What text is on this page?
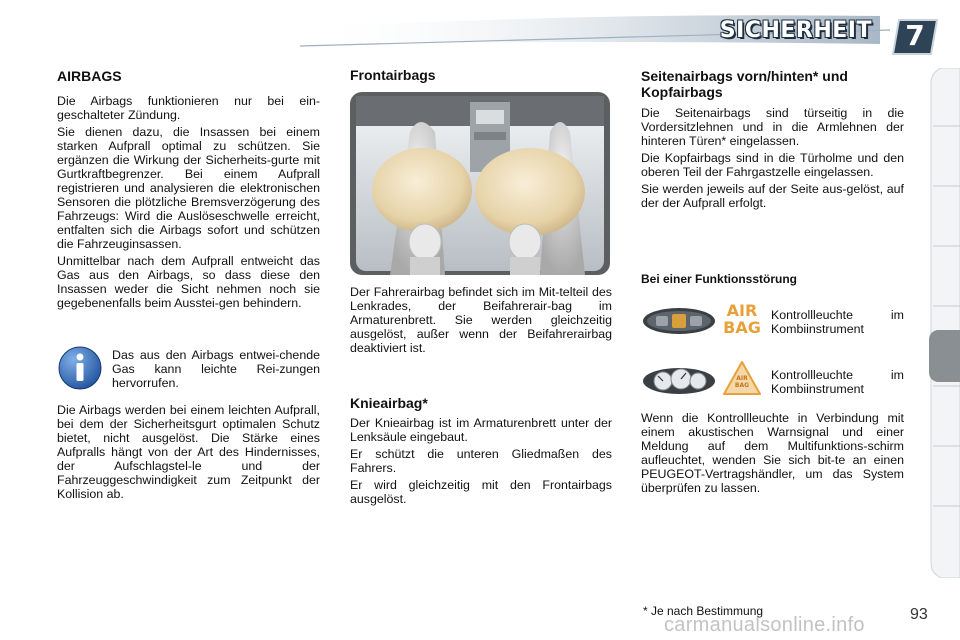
SICHERHEIT	7
AIRBAGS

Die Airbags funktionieren nur bei ein-geschalteter Zündung.

Sie dienen dazu, die Insassen bei einem starken Aufprall optimal zu schützen. Sie ergänzen die Wirkung der Sicherheits-gurte mit Gurtkraftbegrenzer. Bei einem Aufprall registrieren und analysieren die elektronischen Sensoren die plötzliche Bremsverzögerung des Fahrzeugs: Wird die Auslöseschwelle erreicht, entfalten sich die Airbags sofort und schützen die Fahrzeuginsassen.

Unmittelbar nach dem Aufprall entweicht das Gas aus den Airbags, so dass diese den Insassen weder die Sicht nehmen noch sie gegebenenfalls beim Ausstei-gen behindern.

Das aus den Airbags entwei-chende Gas kann leichte Rei-zungen hervorrufen.

Die Airbags werden bei einem leichten Aufprall, bei dem der Sicherheitsgurt optimalen Schutz bietet, nicht ausgelöst. Die Stärke eines Aufpralls hängt von der Art des Hindernisses, der Aufschlagstel-le und der Fahrzeuggeschwindigkeit zum Zeitpunkt der Kollision ab.

Frontairbags

Der Fahrerairbag befindet sich im Mit-telteil des Lenkrades, der Beifahrerair-bag im Armaturenbrett. Sie werden gleichzeitig ausgelöst, außer wenn der Beifahrerairbag deaktiviert ist.

Knieairbag*

Der Knieairbag ist im Armaturenbrett unter der Lenksäule eingebaut.

Er schützt die unteren Gliedmaßen des Fahrers.

Er wird gleichzeitig mit den Frontairbags ausgelöst.

Seitenairbags vorn/hinten* und Kopfairbags

Die Seitenairbags sind türseitig in die Vordersitzlehnen und in die Armlehnen der hinteren Türen* eingelassen.

Die Kopfairbags sind in die Türholme und den oberen Teil der Fahrgastzelle eingelassen.

Sie werden jeweils auf der Seite aus-gelöst, auf der der Aufprall erfolgt.

Bei einer Funktionsstörung
AIR
BAG

Kontrollleuchte im Kombiinstrument

AIR
BAG

Kontrollleuchte im Kombiinstrument

Wenn die Kontrollleuchte in Verbindung mit einem akustischen Warnsignal und einer Meldung auf dem Multifunktions-schirm aufleuchtet, wenden Sie sich bit-te an einen PEUGEOT-Vertragshändler, um das System überprüfen zu lassen.

* Je nach Bestimmung	93
carmanualsonline.info
